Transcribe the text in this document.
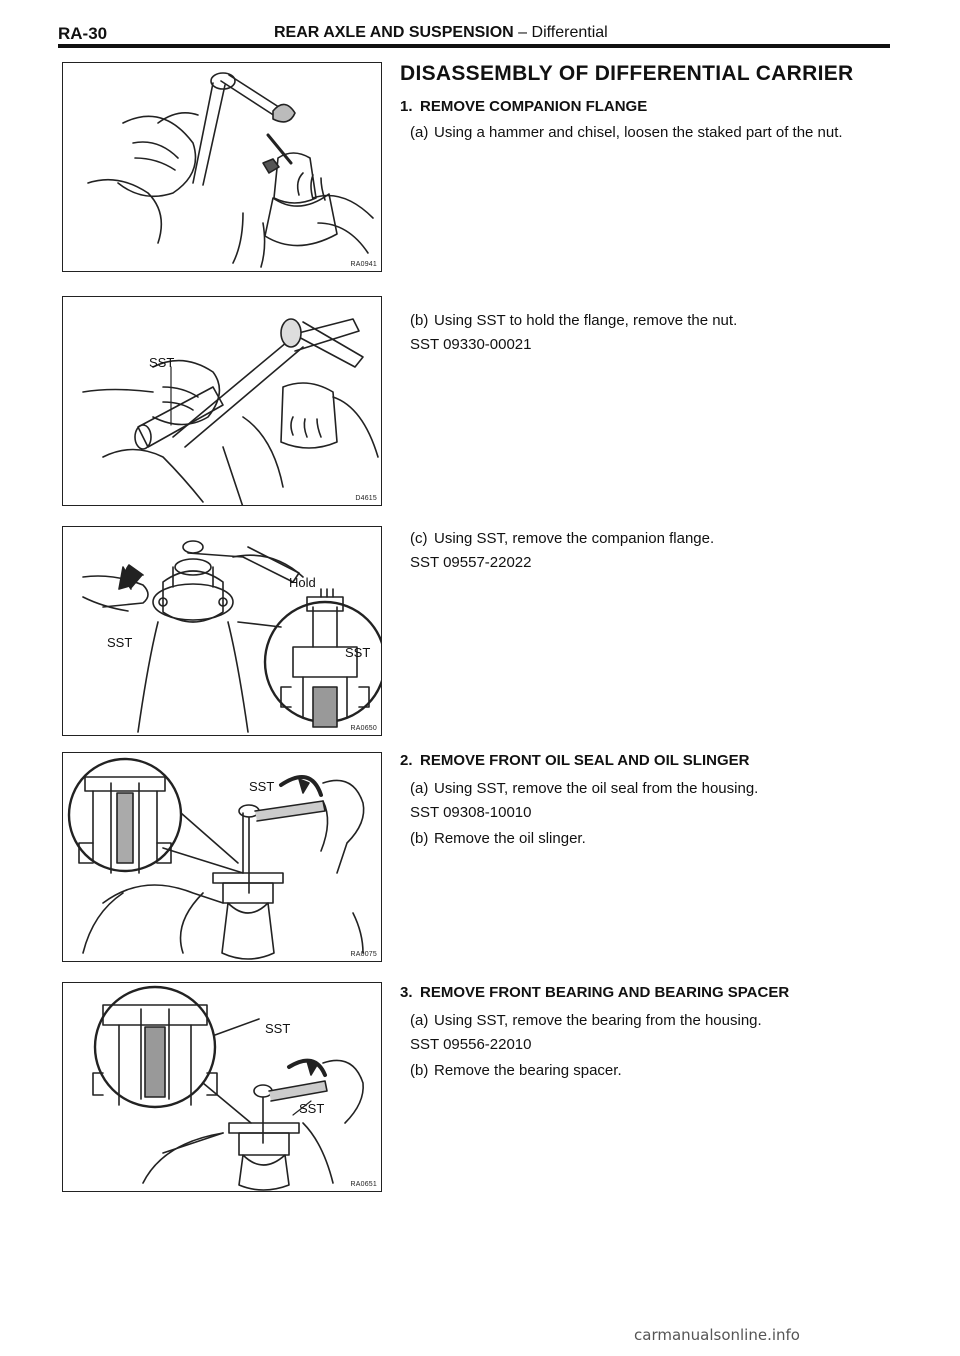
RA-30	REAR AXLE AND SUSPENSION – Differential
RA0941
SST
D4615
Hold
SST
SST
RA0650
SST
RA0075
SST
SST
RA0651
DISASSEMBLY OF DIFFERENTIAL CARRIER
1. REMOVE COMPANION FLANGE
(a) Using a hammer and chisel, loosen the staked part of the nut.
(b) Using SST to hold the flange, remove the nut.
SST 09330-00021
(c) Using SST, remove the companion flange.
SST 09557-22022
2. REMOVE FRONT OIL SEAL AND OIL SLINGER
(a) Using SST, remove the oil seal from the housing.
SST 09308-10010
(b) Remove the oil slinger.
3. REMOVE FRONT BEARING AND BEARING SPACER
(a) Using SST, remove the bearing from the housing.
SST 09556-22010
(b) Remove the bearing spacer.
carmanualsonline.info
